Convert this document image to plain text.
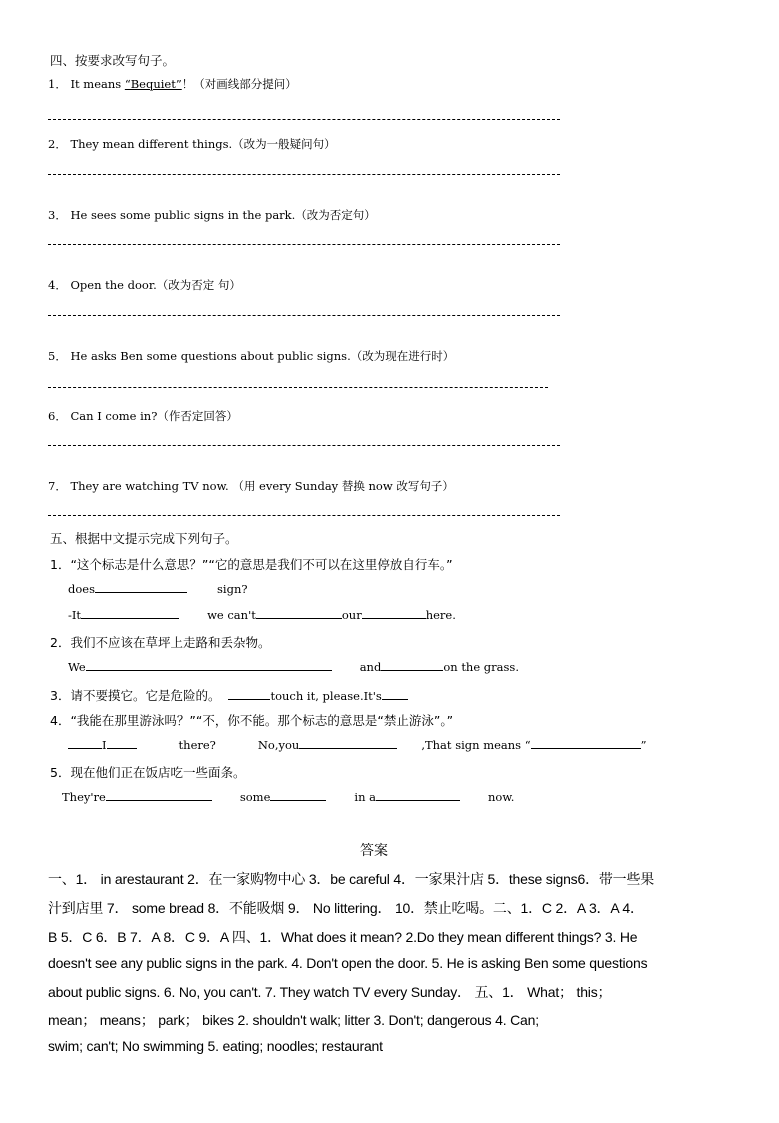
四、按要求改写句子。
1． It means “Bequiet”！（对画线部分提问）
2． They mean different things.（改为一般疑问句）
3． He sees some public signs in the park.（改为否定句）
4． Open the door.（改为否定 句）
5． He asks Ben some questions about public signs.（改为现在进行时）
6． Can I come in?（作否定回答）
7． They are watching TV now. （用 every Sunday 替换 now 改写句子）
五、根据中文提示完成下列句子。
1．“这个标志是什么意思？”“它的意思是我们不可以在这里停放自行车。”
does	sign?
-It	we can't	our	here.
2．我们不应该在草坪上走路和丢杂物。
We	and	on the grass.
3．请不要摸它。它是危险的。	touch it, please.It's
4．“我能在那里游泳吗？”“不，你不能。那个标志的意思是“禁止游泳”。”
I	there?	No,you	,That sign means “	”
5．现在他们正在饭店吃一些面条。
They're	some	in a	now.
答案
一、1． in arestaurant 2．在一家购物中心 3．be careful 4．一家果汁店 5．these signs6．带一些果
汁到店里 7． some bread 8．不能吸烟 9． No littering． 10．禁止吃喝。二、1．C 2．A 3．A 4．
B 5．C 6．B 7．A 8．C 9．A 四、1．What does it mean? 2.Do they mean different things? 3. He
doesn't see any public signs in the park. 4. Don't open the door. 5. He is asking Ben some questions
about public signs. 6. No, you can't. 7. They watch TV every Sunday． 五、1． What； this；
mean； means； park； bikes 2. shouldn't walk; litter 3. Don't; dangerous 4. Can;
swim; can't; No swimming 5. eating; noodles; restaurant
